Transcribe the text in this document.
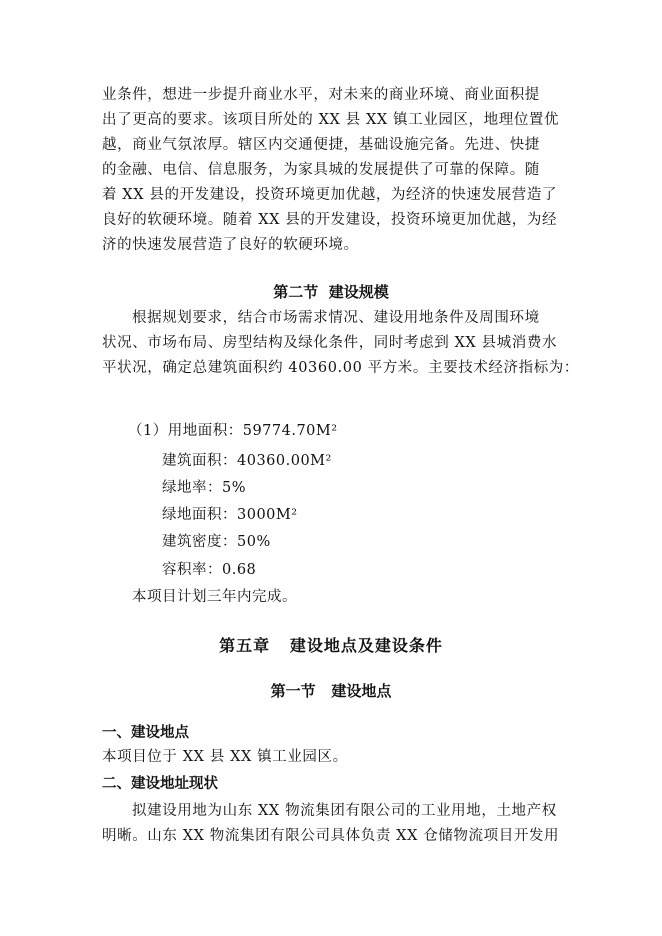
业条件，想进一步提升商业水平，对未来的商业环境、商业面积提
出了更高的要求。该项目所处的 XX 县 XX 镇工业园区，地理位置优
越，商业气氛浓厚。辖区内交通便捷，基础设施完备。先进、快捷
的金融、电信、信息服务，为家具城的发展提供了可靠的保障。随
着 XX 县的开发建设，投资环境更加优越，为经济的快速发展营造了
良好的软硬环境。随着 XX 县的开发建设，投资环境更加优越，为经
济的快速发展营造了良好的软硬环境。
第二节  建设规模
根据规划要求，结合市场需求情况、建设用地条件及周围环境
状况、市场布局、房型结构及绿化条件，同时考虑到 XX 县城消费水
平状况，确定总建筑面积约 40360.00 平方米。主要技术经济指标为：
（1）用地面积：59774.70M²
建筑面积：40360.00M²
绿地率：5%
绿地面积：3000M²
建筑密度：50%
容积率：0.68
本项目计划三年内完成。
第五章   建设地点及建设条件
第一节   建设地点
一、建设地点
本项目位于 XX 县 XX 镇工业园区。
二、建设地址现状
拟建设用地为山东 XX 物流集团有限公司的工业用地，土地产权
明晰。山东 XX 物流集团有限公司具体负责 XX 仓储物流项目开发用
